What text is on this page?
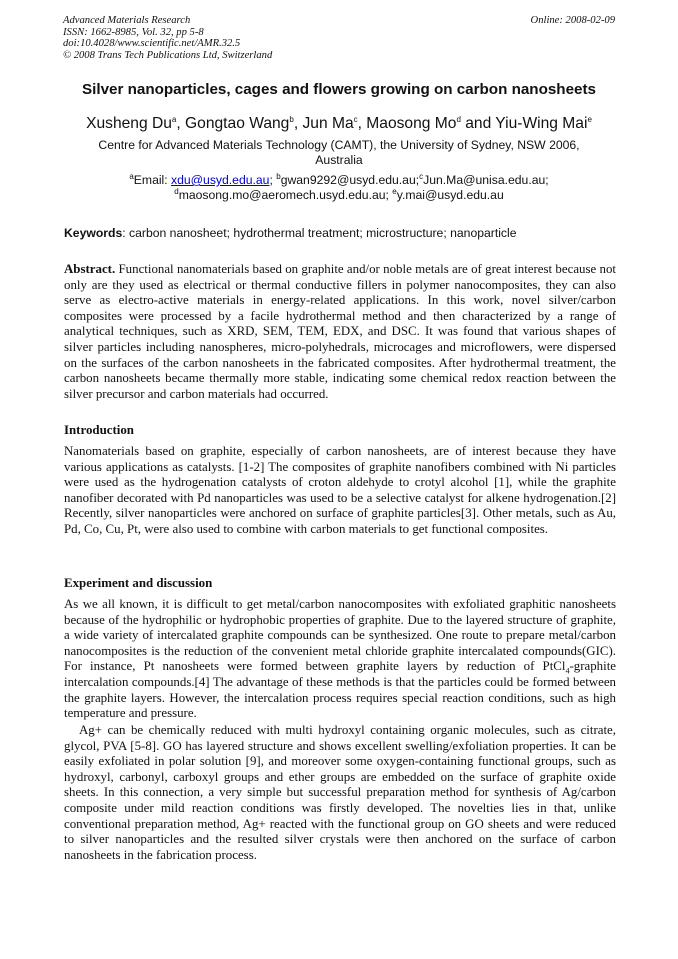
Advanced Materials Research
ISSN: 1662-8985, Vol. 32, pp 5-8
doi:10.4028/www.scientific.net/AMR.32.5
© 2008 Trans Tech Publications Ltd, Switzerland
Online: 2008-02-09
Silver nanoparticles, cages and flowers growing on carbon nanosheets
Xusheng Du$^a$, Gongtao Wang$^b$, Jun Ma$^c$, Maosong Mo$^d$ and Yiu-Wing Mai$^e$
Centre for Advanced Materials Technology (CAMT), the University of Sydney, NSW 2006, Australia
$^a$Email: xdu@usyd.edu.au; $^b$gwan9292@usyd.edu.au;$^c$Jun.Ma@unisa.edu.au;
$^d$maosong.mo@aeromech.usyd.edu.au; $^e$y.mai@usyd.edu.au
Keywords: carbon nanosheet; hydrothermal treatment; microstructure; nanoparticle
Abstract. Functional nanomaterials based on graphite and/or noble metals are of great interest because not only are they used as electrical or thermal conductive fillers in polymer nanocomposites, they can also serve as electro-active materials in energy-related applications. In this work, novel silver/carbon composites were processed by a facile hydrothermal method and then characterized by a range of analytical techniques, such as XRD, SEM, TEM, EDX, and DSC. It was found that various shapes of silver particles including nanospheres, micro-polyhedrals, microcages and microflowers, were dispersed on the surfaces of the carbon nanosheets in the fabricated composites. After hydrothermal treatment, the carbon nanosheets became thermally more stable, indicating some chemical redox reaction between the silver precursor and carbon materials had occurred.
Introduction
Nanomaterials based on graphite, especially of carbon nanosheets, are of interest because they have various applications as catalysts. [1-2] The composites of graphite nanofibers combined with Ni particles were used as the hydrogenation catalysts of croton aldehyde to crotyl alcohol [1], while the graphite nanofiber decorated with Pd nanoparticles was used to be a selective catalyst for alkene hydrogenation.[2] Recently, silver nanoparticles were anchored on surface of graphite particles[3]. Other metals, such as Au, Pd, Co, Cu, Pt, were also used to combine with carbon materials to get functional composites.
Experiment and discussion
As we all known, it is difficult to get metal/carbon nanocomposites with exfoliated graphitic nanosheets because of the hydrophilic or hydrophobic properties of graphite. Due to the layered structure of graphite, a wide variety of intercalated graphite compounds can be synthesized. One route to prepare metal/carbon nanocomposites is the reduction of the convenient metal chloride graphite intercalated compounds(GIC). For instance, Pt nanosheets were formed between graphite layers by reduction of PtCl$_4$-graphite intercalation compounds.[4] The advantage of these methods is that the particles could be formed between the graphite layers. However, the intercalation process requires special reaction conditions, such as high temperature and pressure.
Ag+ can be chemically reduced with multi hydroxyl containing organic molecules, such as citrate, glycol, PVA [5-8]. GO has layered structure and shows excellent swelling/exfoliation properties. It can be easily exfoliated in polar solution [9], and moreover some oxygen-containing functional groups, such as hydroxyl, carbonyl, carboxyl groups and ether groups are embedded on the surface of graphite oxide sheets. In this connection, a very simple but successful preparation method for synthesis of Ag/carbon composite under mild reaction conditions was firstly developed. The novelties lies in that, unlike conventional preparation method, Ag+ reacted with the functional group on GO sheets and were reduced to silver nanoparticles and the resulted silver crystals were then anchored on the surface of carbon nanosheets in the fabrication process.
